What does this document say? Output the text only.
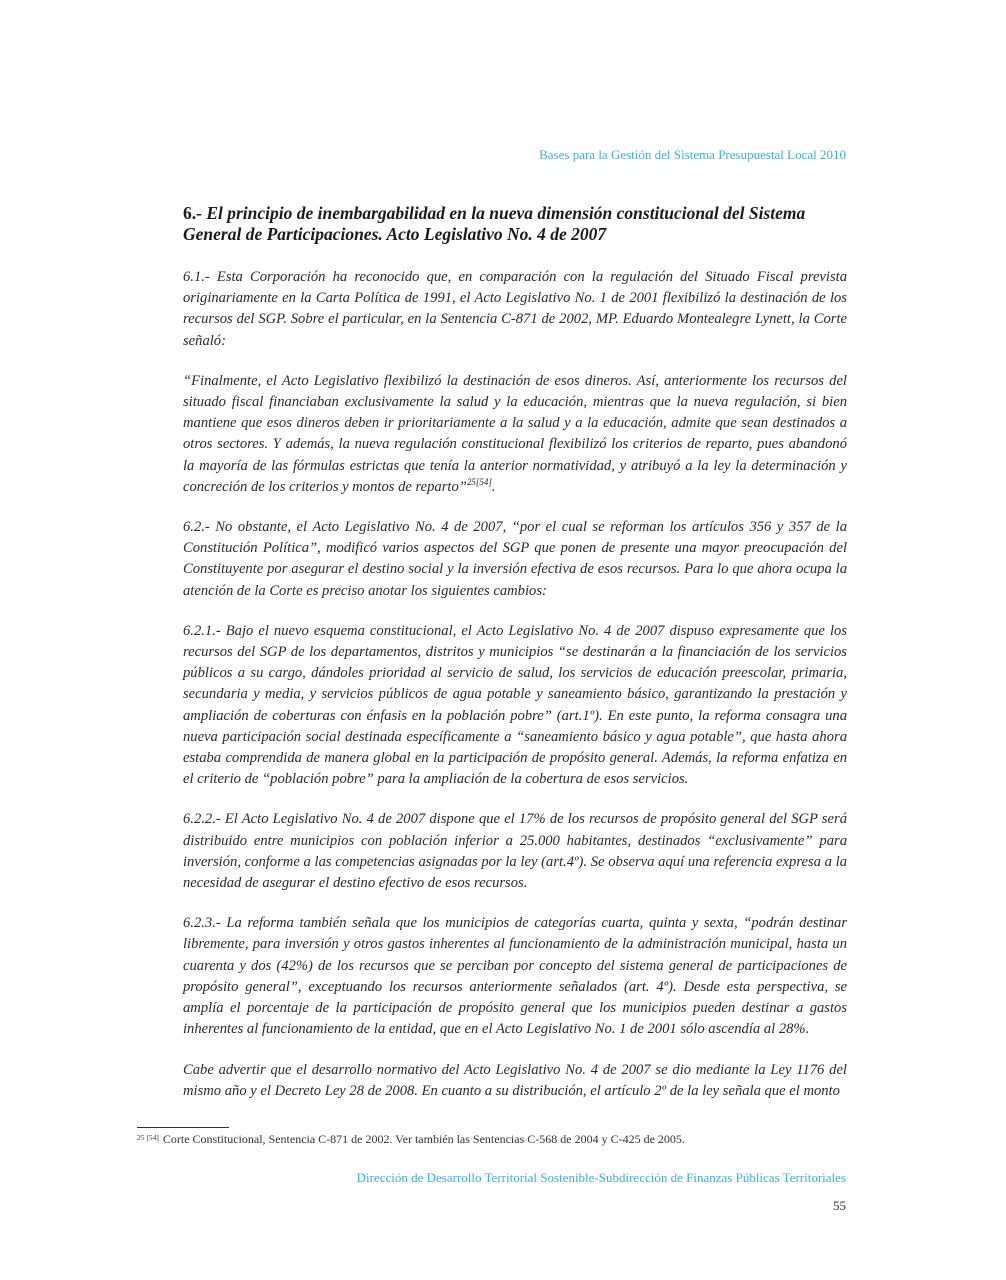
Bases para la Gestión del Sistema Presupuestal Local 2010
6.- El principio de inembargabilidad en la nueva dimensión constitucional del Sistema General de Participaciones. Acto Legislativo No. 4 de 2007

6.1.- Esta Corporación ha reconocido que, en comparación con la regulación del Situado Fiscal prevista originariamente en la Carta Política de 1991, el Acto Legislativo No. 1 de 2001 flexibilizó la destinación de los recursos del SGP. Sobre el particular, en la Sentencia C-871 de 2002, MP. Eduardo Montealegre Lynett, la Corte señaló:

“Finalmente, el Acto Legislativo flexibilizó la destinación de esos dineros. Así, anteriormente los recursos del situado fiscal financiaban exclusivamente la salud y la educación, mientras que la nueva regulación, si bien mantiene que esos dineros deben ir prioritariamente a la salud y a la educación, admite que sean destinados a otros sectores. Y además, la nueva regulación constitucional flexibilizó los criterios de reparto, pues abandonó la mayoría de las fórmulas estrictas que tenía la anterior normatividad, y atribuyó a la ley la determinación y concreción de los criterios y montos de reparto”$^{25[54]}$.

6.2.- No obstante, el Acto Legislativo No. 4 de 2007, “por el cual se reforman los artículos 356 y 357 de la Constitución Política”, modificó varios aspectos del SGP que ponen de presente una mayor preocupación del Constituyente por asegurar el destino social y la inversión efectiva de esos recursos. Para lo que ahora ocupa la atención de la Corte es preciso anotar los siguientes cambios:

6.2.1.- Bajo el nuevo esquema constitucional, el Acto Legislativo No. 4 de 2007 dispuso expresamente que los recursos del SGP de los departamentos, distritos y municipios “se destinarán a la financiación de los servicios públicos a su cargo, dándoles prioridad al servicio de salud, los servicios de educación preescolar, primaria, secundaria y media, y servicios públicos de agua potable y saneamiento básico, garantizando la prestación y ampliación de coberturas con énfasis en la población pobre” (art.1º). En este punto, la reforma consagra una nueva participación social destinada específicamente a “saneamiento básico y agua potable”, que hasta ahora estaba comprendida de manera global en la participación de propósito general. Además, la reforma enfatiza en el criterio de “población pobre” para la ampliación de la cobertura de esos servicios.

6.2.2.- El Acto Legislativo No. 4 de 2007 dispone que el 17% de los recursos de propósito general del SGP será distribuido entre municipios con población inferior a 25.000 habitantes, destinados “exclusivamente” para inversión, conforme a las competencias asignadas por la ley (art.4º). Se observa aquí una referencia expresa a la necesidad de asegurar el destino efectivo de esos recursos.

6.2.3.- La reforma también señala que los municipios de categorías cuarta, quinta y sexta, “podrán destinar libremente, para inversión y otros gastos inherentes al funcionamiento de la administración municipal, hasta un cuarenta y dos (42%) de los recursos que se perciban por concepto del sistema general de participaciones de propósito general”, exceptuando los recursos anteriormente señalados (art. 4º). Desde esta perspectiva, se amplía el porcentaje de la participación de propósito general que los municipios pueden destinar a gastos inherentes al funcionamiento de la entidad, que en el Acto Legislativo No. 1 de 2001 sólo ascendía al 28%.

Cabe advertir que el desarrollo normativo del Acto Legislativo No. 4 de 2007 se dio mediante la Ley 1176 del mismo año y el Decreto Ley 28 de 2008. En cuanto a su distribución, el artículo 2º de la ley señala que el monto

$^{25 [54]}$ Corte Constitucional, Sentencia C-871 de 2002. Ver también las Sentencias C-568 de 2004 y C-425 de 2005.
Dirección de Desarrollo Territorial Sostenible-Subdirección de Finanzas Públicas Territoriales
55
